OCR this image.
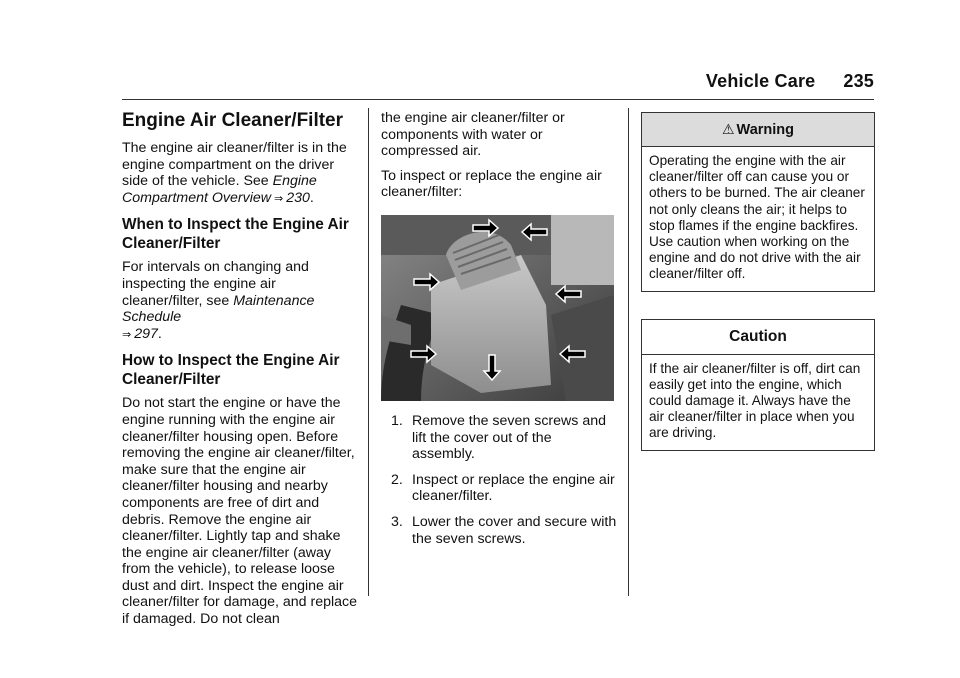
Vehicle Care 235
Engine Air Cleaner/Filter

The engine air cleaner/filter is in the engine compartment on the driver side of the vehicle. See Engine Compartment Overview⇒ 230.

When to Inspect the Engine Air Cleaner/Filter

For intervals on changing and inspecting the engine air cleaner/filter, see Maintenance Schedule
⇒ 297.

How to Inspect the Engine Air Cleaner/Filter

Do not start the engine or have the engine running with the engine air cleaner/filter housing open. Before removing the engine air cleaner/filter, make sure that the engine air cleaner/filter housing and nearby components are free of dirt and debris. Remove the engine air cleaner/filter. Lightly tap and shake the engine air cleaner/filter (away from the vehicle), to release loose dust and dirt. Inspect the engine air cleaner/filter for damage, and replace if damaged. Do not clean

the engine air cleaner/filter or components with water or compressed air.

To inspect or replace the engine air cleaner/filter:

1. Remove the seven screws and lift the cover out of the assembly.
2. Inspect or replace the engine air cleaner/filter.
3. Lower the cover and secure with the seven screws.
⚠ Warning
Operating the engine with the air cleaner/filter off can cause you or others to be burned. The air cleaner not only cleans the air; it helps to stop flames if the engine backfires. Use caution when working on the engine and do not drive with the air cleaner/filter off.
Caution
If the air cleaner/filter is off, dirt can easily get into the engine, which could damage it. Always have the air cleaner/filter in place when you are driving.
